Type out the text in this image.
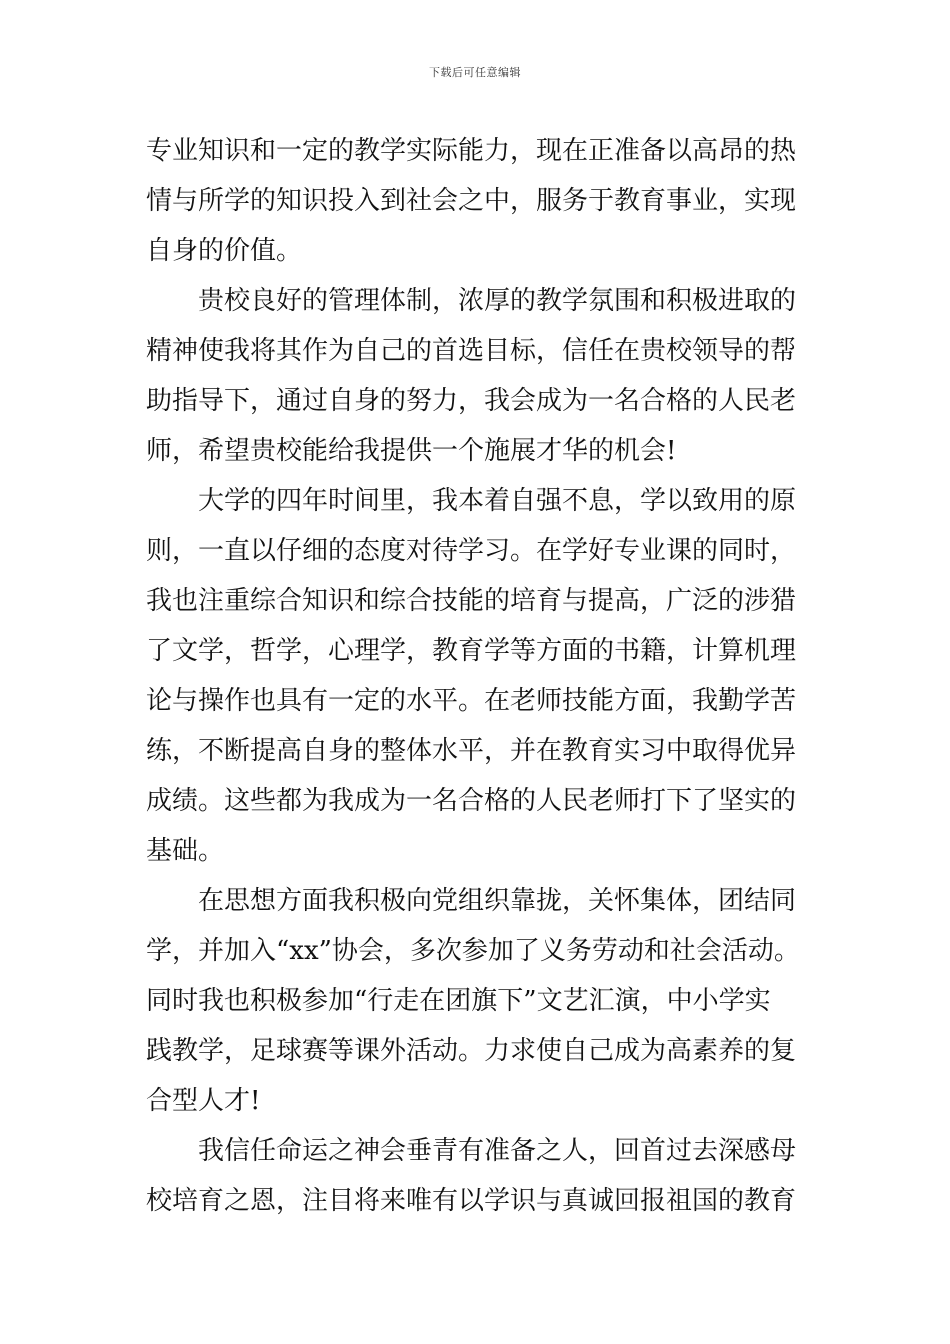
下载后可任意编辑

专业知识和一定的教学实际能力，现在正准备以高昂的热
情与所学的知识投入到社会之中，服务于教育事业，实现
自身的价值。

贵校良好的管理体制，浓厚的教学氛围和积极进取的
精神使我将其作为自己的首选目标，信任在贵校领导的帮
助指导下，通过自身的努力，我会成为一名合格的人民老
师，希望贵校能给我提供一个施展才华的机会!

大学的四年时间里，我本着自强不息，学以致用的原
则，一直以仔细的态度对待学习。在学好专业课的同时，
我也注重综合知识和综合技能的培育与提高，广泛的涉猎
了文学，哲学，心理学，教育学等方面的书籍，计算机理
论与操作也具有一定的水平。在老师技能方面，我勤学苦
练，不断提高自身的整体水平，并在教育实习中取得优异
成绩。这些都为我成为一名合格的人民老师打下了坚实的
基础。

在思想方面我积极向党组织靠拢，关怀集体，团结同
学，并加入“xx”协会，多次参加了义务劳动和社会活动。
同时我也积极参加“行走在团旗下”文艺汇演，中小学实
践教学，足球赛等课外活动。力求使自己成为高素养的复
合型人才!

我信任命运之神会垂青有准备之人，回首过去深感母
校培育之恩，注目将来唯有以学识与真诚回报祖国的教育
